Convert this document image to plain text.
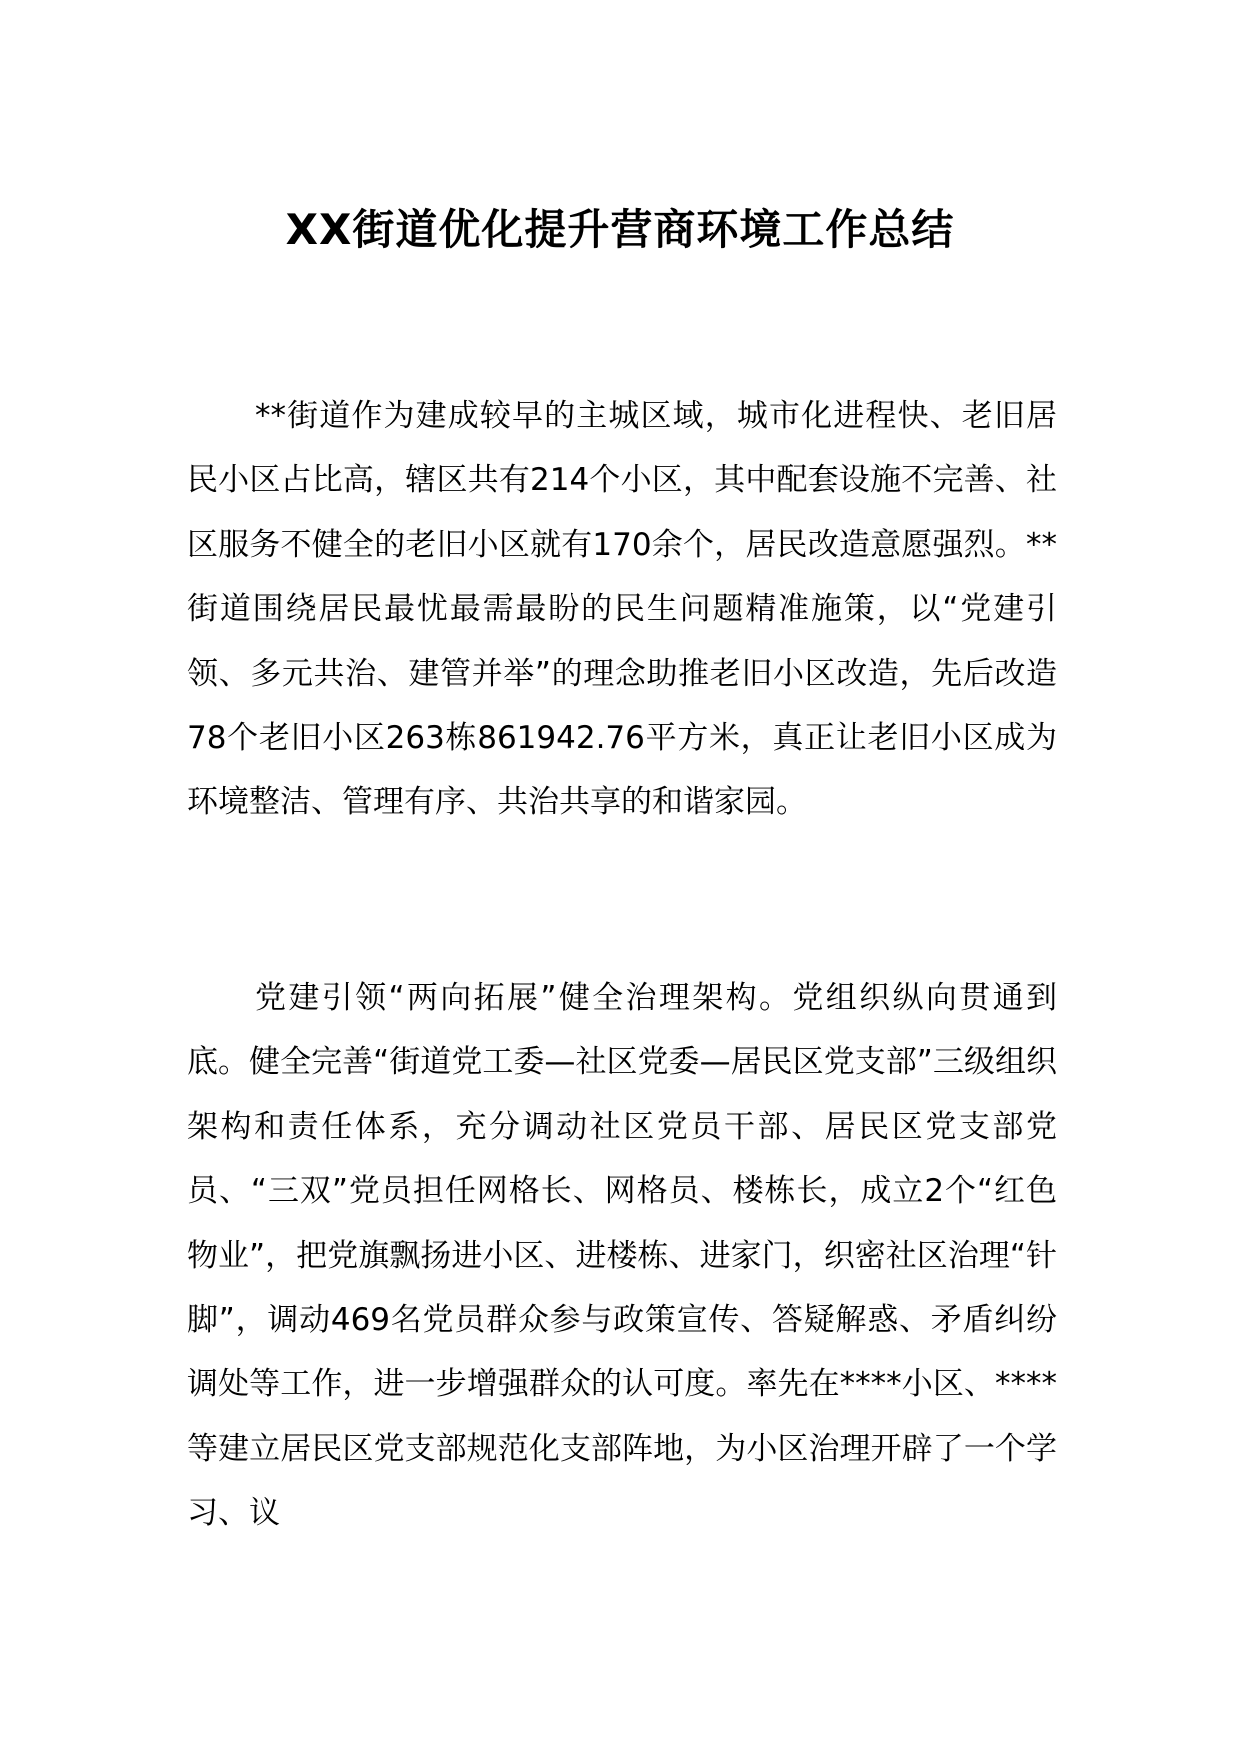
XX街道优化提升营商环境工作总结

**街道作为建成较早的主城区域，城市化进程快、老旧居民小区占比高，辖区共有214个小区，其中配套设施不完善、社区服务不健全的老旧小区就有170余个，居民改造意愿强烈。**街道围绕居民最忧最需最盼的民生问题精准施策，以“党建引领、多元共治、建管并举”的理念助推老旧小区改造，先后改造78个老旧小区263栋861942.76平方米，真正让老旧小区成为环境整洁、管理有序、共治共享的和谐家园。

党建引领“两向拓展”健全治理架构。党组织纵向贯通到底。健全完善“街道党工委—社区党委—居民区党支部”三级组织架构和责任体系，充分调动社区党员干部、居民区党支部党员、“三双”党员担任网格长、网格员、楼栋长，成立2个“红色物业”，把党旗飘扬进小区、进楼栋、进家门，织密社区治理“针脚”，调动469名党员群众参与政策宣传、答疑解惑、矛盾纠纷调处等工作，进一步增强群众的认可度。率先在****小区、****等建立居民区党支部规范化支部阵地，为小区治理开辟了一个学习、议
